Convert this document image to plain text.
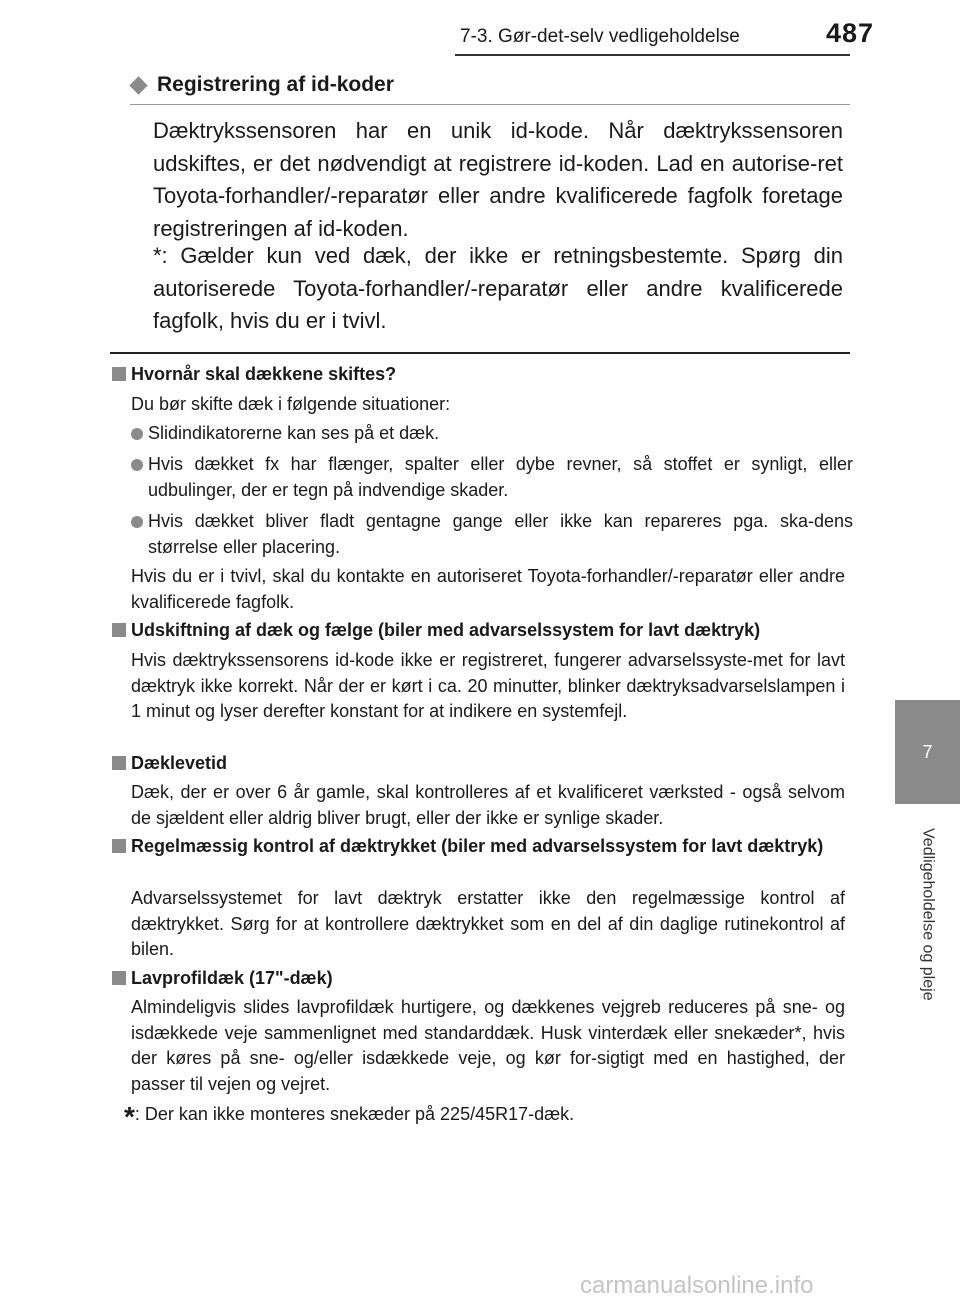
7-3. Gør-det-selv vedligeholdelse	487
7
Vedligeholdelse og pleje
Registrering af id-koder
Dæktrykssensoren har en unik id-kode. Når dæktrykssensoren udskiftes, er det nødvendigt at registrere id-koden. Lad en autorise-ret Toyota-forhandler/-reparatør eller andre kvalificerede fagfolk foretage registreringen af id-koden.
*: Gælder kun ved dæk, der ikke er retningsbestemte. Spørg din autoriserede Toyota-forhandler/-reparatør eller andre kvalificerede fagfolk, hvis du er i tvivl.
Hvornår skal dækkene skiftes?
Du bør skifte dæk i følgende situationer:
Slidindikatorerne kan ses på et dæk.
Hvis dækket fx har flænger, spalter eller dybe revner, så stoffet er synligt, eller udbulinger, der er tegn på indvendige skader.
Hvis dækket bliver fladt gentagne gange eller ikke kan repareres pga. ska-dens størrelse eller placering.
Hvis du er i tvivl, skal du kontakte en autoriseret Toyota-forhandler/-reparatør eller andre kvalificerede fagfolk.
Udskiftning af dæk og fælge (biler med advarselssystem for lavt dæktryk)
Hvis dæktrykssensorens id-kode ikke er registreret, fungerer advarselssyste-met for lavt dæktryk ikke korrekt. Når der er kørt i ca. 20 minutter, blinker dæktryksadvarselslampen i 1 minut og lyser derefter konstant for at indikere en systemfejl.
Dæklevetid
Dæk, der er over 6 år gamle, skal kontrolleres af et kvalificeret værksted - også selvom de sjældent eller aldrig bliver brugt, eller der ikke er synlige skader.
Regelmæssig kontrol af dæktrykket (biler med advarselssystem for lavt dæktryk)
Advarselssystemet for lavt dæktryk erstatter ikke den regelmæssige kontrol af dæktrykket. Sørg for at kontrollere dæktrykket som en del af din daglige rutinekontrol af bilen.
Lavprofildæk (17"-dæk)
Almindeligvis slides lavprofildæk hurtigere, og dækkenes vejgreb reduceres på sne- og isdækkede veje sammenlignet med standarddæk. Husk vinterdæk eller snekæder*, hvis der køres på sne- og/eller isdækkede veje, og kør for-sigtigt med en hastighed, der passer til vejen og vejret.
*: Der kan ikke monteres snekæder på 225/45R17-dæk.
carmanualsonline.info
